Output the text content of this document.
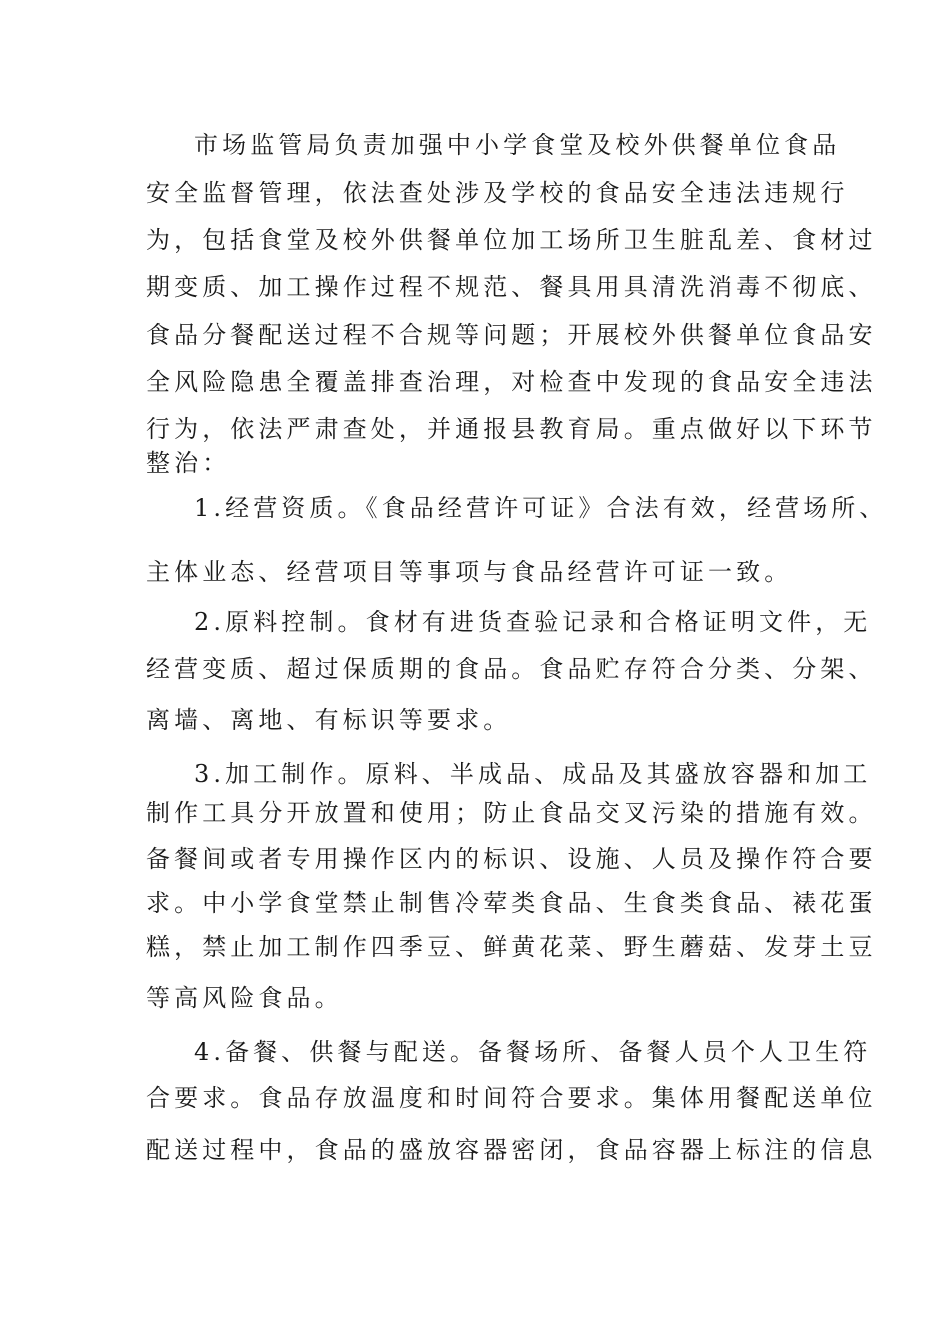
市场监管局负责加强中小学食堂及校外供餐单位食品
安全监督管理，依法查处涉及学校的食品安全违法违规行
为，包括食堂及校外供餐单位加工场所卫生脏乱差、食材过
期变质、加工操作过程不规范、餐具用具清洗消毒不彻底、
食品分餐配送过程不合规等问题；开展校外供餐单位食品安
全风险隐患全覆盖排查治理，对检查中发现的食品安全违法
行为，依法严肃查处，并通报县教育局。重点做好以下环节
整治：
1.经营资质。《食品经营许可证》合法有效，经营场所、
主体业态、经营项目等事项与食品经营许可证一致。
2.原料控制。食材有进货查验记录和合格证明文件，无
经营变质、超过保质期的食品。食品贮存符合分类、分架、
离墙、离地、有标识等要求。
3.加工制作。原料、半成品、成品及其盛放容器和加工
制作工具分开放置和使用；防止食品交叉污染的措施有效。
备餐间或者专用操作区内的标识、设施、人员及操作符合要
求。中小学食堂禁止制售冷荤类食品、生食类食品、裱花蛋
糕，禁止加工制作四季豆、鲜黄花菜、野生蘑菇、发芽土豆
等高风险食品。
4.备餐、供餐与配送。备餐场所、备餐人员个人卫生符
合要求。食品存放温度和时间符合要求。集体用餐配送单位
配送过程中，食品的盛放容器密闭，食品容器上标注的信息
